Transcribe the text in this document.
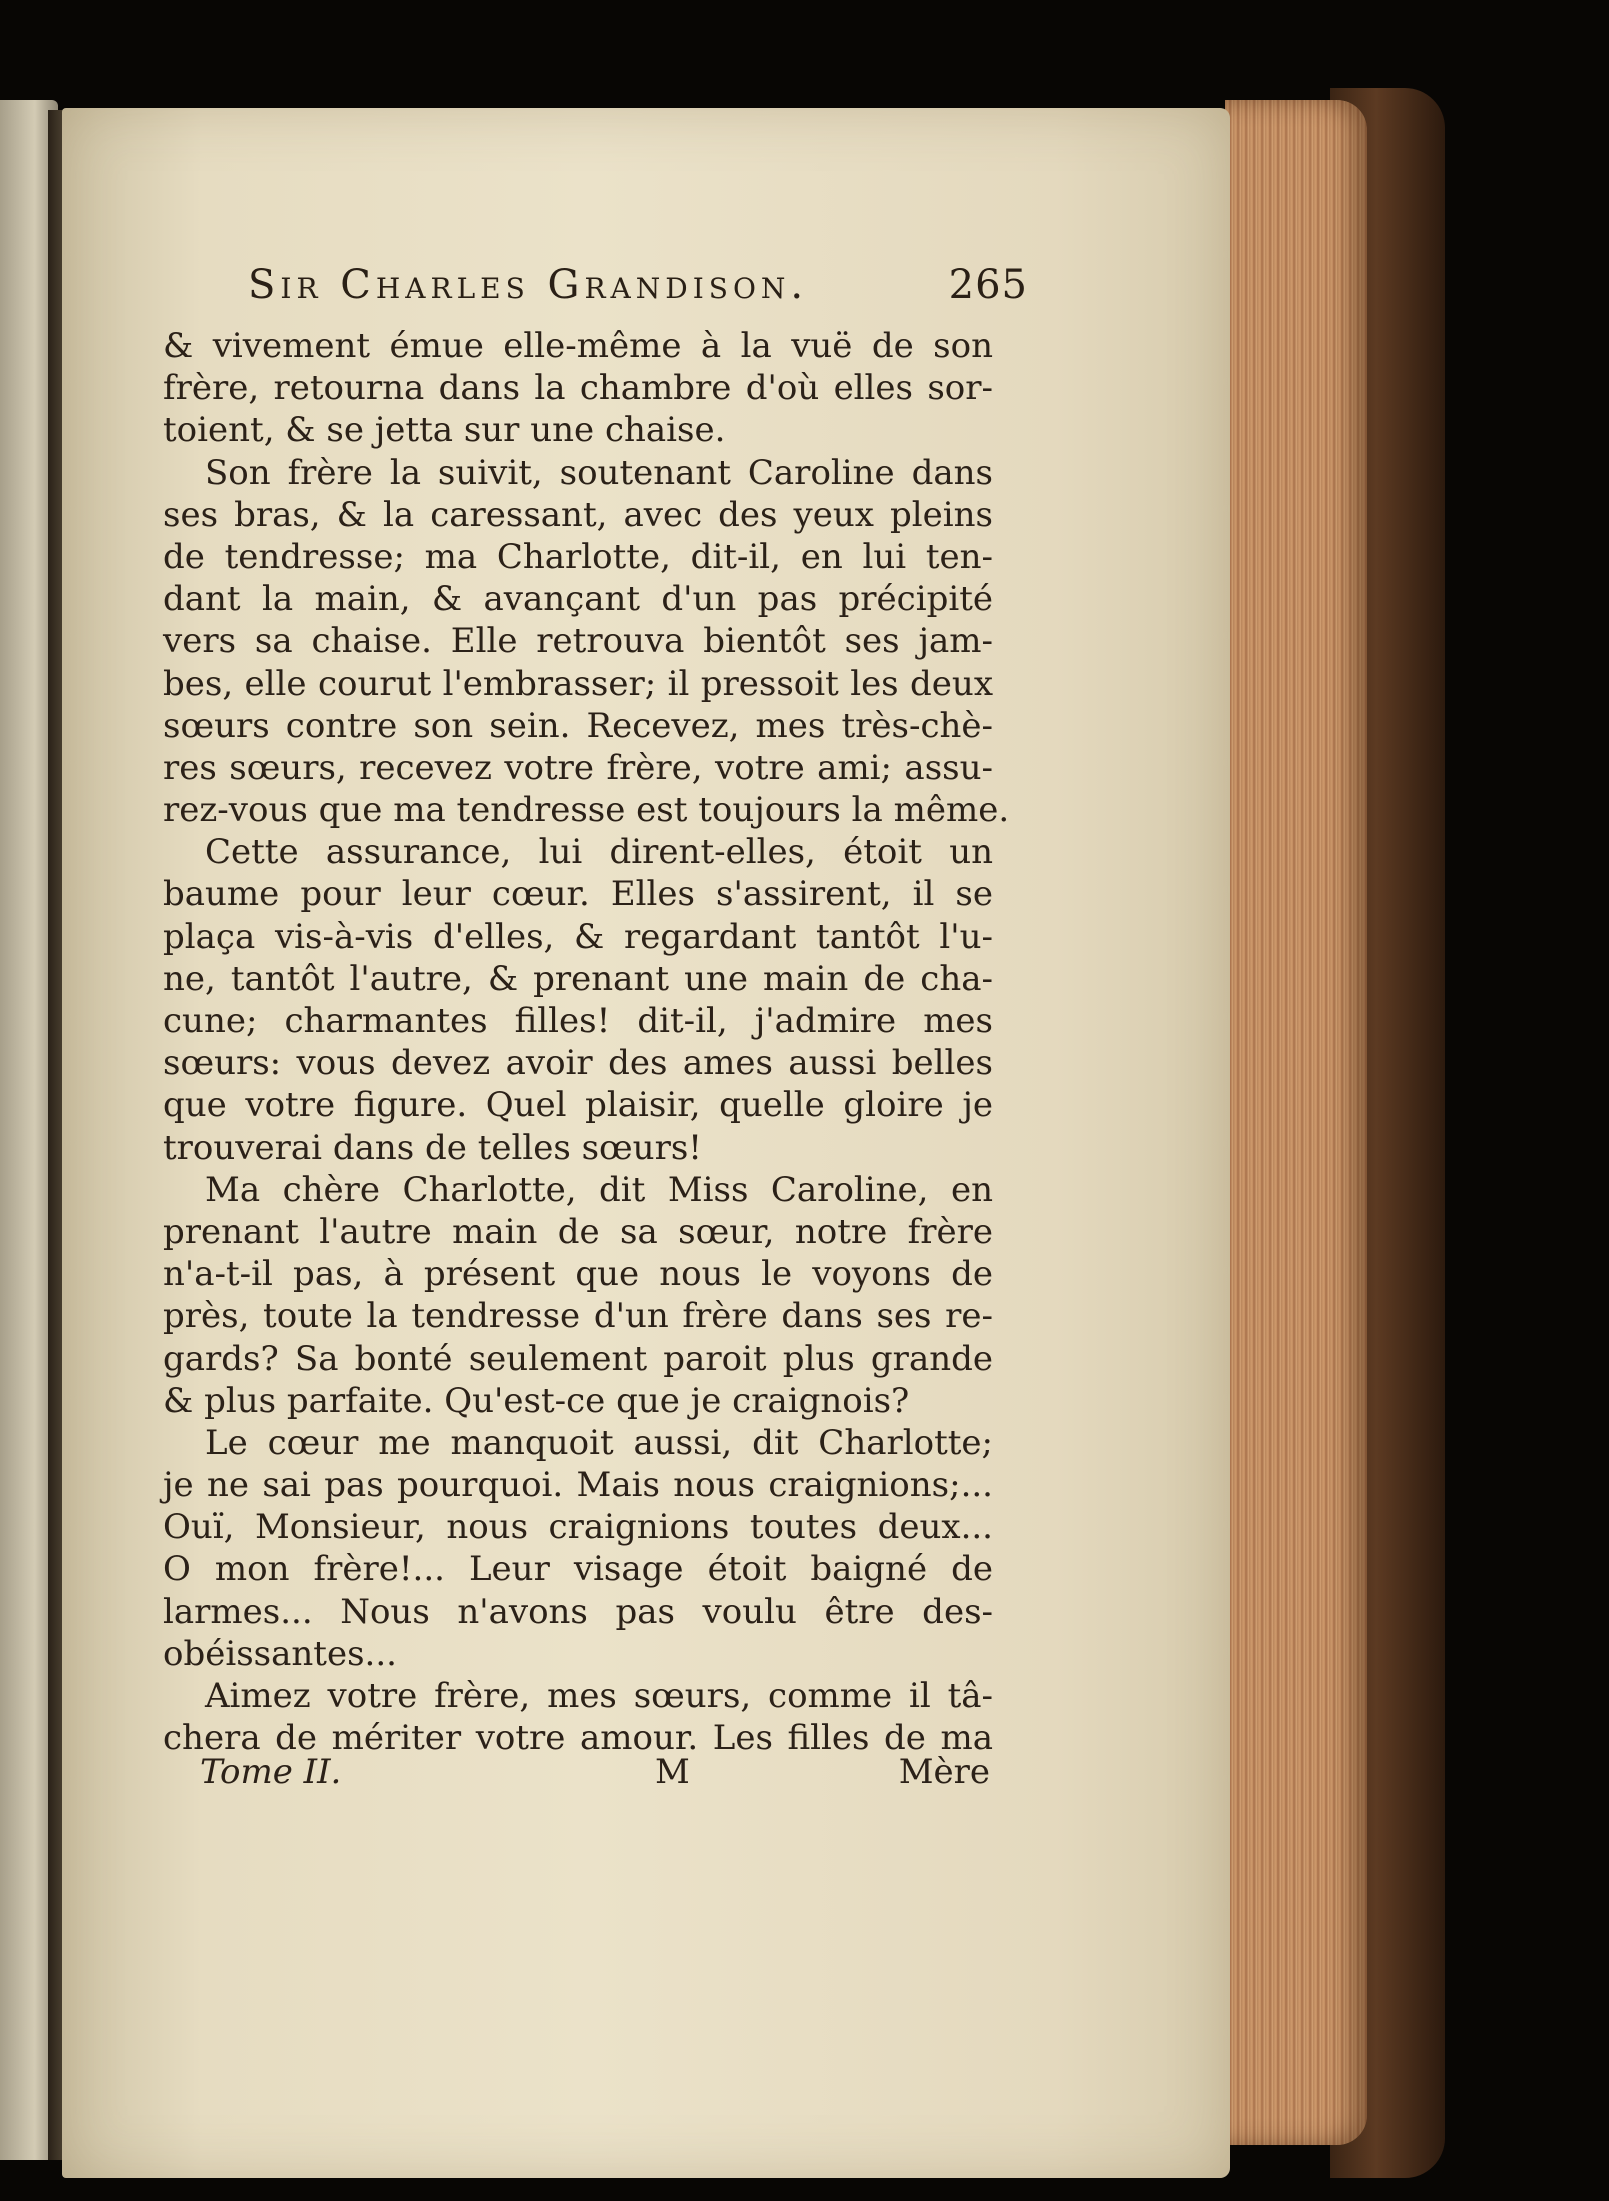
Sir Charles Grandison.	265
& vivement émue elle-même à la vuë de son
frère, retourna dans la chambre d'où elles sor-
toient, & se jetta sur une chaise.
Son frère la suivit, soutenant Caroline dans
ses bras, & la caressant, avec des yeux pleins
de tendresse; ma Charlotte, dit-il, en lui ten-
dant la main, & avançant d'un pas précipité
vers sa chaise. Elle retrouva bientôt ses jam-
bes, elle courut l'embrasser; il pressoit les deux
sœurs contre son sein. Recevez, mes très-chè-
res sœurs, recevez votre frère, votre ami; assu-
rez-vous que ma tendresse est toujours la même.
Cette assurance, lui dirent-elles, étoit un
baume pour leur cœur. Elles s'assirent, il se
plaça vis-à-vis d'elles, & regardant tantôt l'u-
ne, tantôt l'autre, & prenant une main de cha-
cune; charmantes filles! dit-il, j'admire mes
sœurs: vous devez avoir des ames aussi belles
que votre figure. Quel plaisir, quelle gloire je
trouverai dans de telles sœurs!
Ma chère Charlotte, dit Miss Caroline, en
prenant l'autre main de sa sœur, notre frère
n'a-t-il pas, à présent que nous le voyons de
près, toute la tendresse d'un frère dans ses re-
gards? Sa bonté seulement paroit plus grande
& plus parfaite. Qu'est-ce que je craignois?
Le cœur me manquoit aussi, dit Charlotte;
je ne sai pas pourquoi. Mais nous craignions;...
Ouï, Monsieur, nous craignions toutes deux...
O mon frère!... Leur visage étoit baigné de
larmes... Nous n'avons pas voulu être des-
obéissantes...
Aimez votre frère, mes sœurs, comme il tâ-
chera de mériter votre amour. Les filles de ma
Tome II.	M	Mère
